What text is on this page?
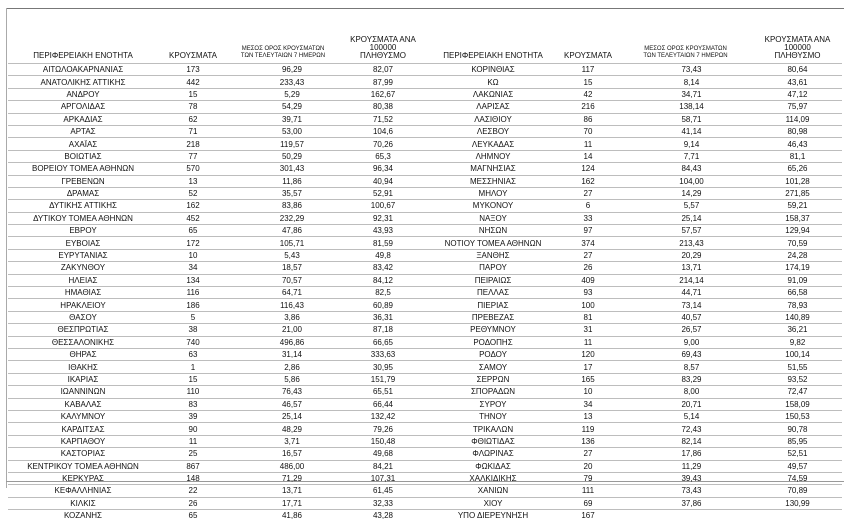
ΠΕΡΙΦΕΡΕΙΑΚΗ ΕΝΟΤΗΤΑ	ΚΡΟΥΣΜΑΤΑ	ΜΕΣΟΣ ΟΡΟΣ ΚΡΟΥΣΜΑΤΩΝ
ΤΩΝ ΤΕΛΕΥΤΑΙΩΝ 7 ΗΜΕΡΩΝ	ΚΡΟΥΣΜΑΤΑ ΑΝΑ 100000
ΠΛΗΘΥΣΜΟ	ΠΕΡΙΦΕΡΕΙΑΚΗ ΕΝΟΤΗΤΑ	ΚΡΟΥΣΜΑΤΑ	ΜΕΣΟΣ ΟΡΟΣ ΚΡΟΥΣΜΑΤΩΝ
ΤΩΝ ΤΕΛΕΥΤΑΙΩΝ 7 ΗΜΕΡΩΝ	ΚΡΟΥΣΜΑΤΑ ΑΝΑ 100000
ΠΛΗΘΥΣΜΟ
ΑΙΤΩΛΟΑΚΑΡΝΑΝΙΑΣ	173	96,29	82,07	ΚΟΡΙΝΘΙΑΣ	117	73,43	80,64
ΑΝΑΤΟΛΙΚΗΣ ΑΤΤΙΚΗΣ	442	233,43	87,99	ΚΩ	15	8,14	43,61
ΑΝΔΡΟΥ	15	5,29	162,67	ΛΑΚΩΝΙΑΣ	42	34,71	47,12
ΑΡΓΟΛΙΔΑΣ	78	54,29	80,38	ΛΑΡΙΣΑΣ	216	138,14	75,97
ΑΡΚΑΔΙΑΣ	62	39,71	71,52	ΛΑΣΙΘΙΟΥ	86	58,71	114,09
ΑΡΤΑΣ	71	53,00	104,6	ΛΕΣΒΟΥ	70	41,14	80,98
ΑΧΑΪΑΣ	218	119,57	70,26	ΛΕΥΚΑΔΑΣ	11	9,14	46,43
ΒΟΙΩΤΙΑΣ	77	50,29	65,3	ΛΗΜΝΟΥ	14	7,71	81,1
ΒΟΡΕΙΟΥ ΤΟΜΕΑ ΑΘΗΝΩΝ	570	301,43	96,34	ΜΑΓΝΗΣΙΑΣ	124	84,43	65,26
ΓΡΕΒΕΝΩΝ	13	11,86	40,94	ΜΕΣΣΗΝΙΑΣ	162	104,00	101,28
ΔΡΑΜΑΣ	52	35,57	52,91	ΜΗΛΟΥ	27	14,29	271,85
ΔΥΤΙΚΗΣ ΑΤΤΙΚΗΣ	162	83,86	100,67	ΜΥΚΟΝΟΥ	6	5,57	59,21
ΔΥΤΙΚΟΥ ΤΟΜΕΑ ΑΘΗΝΩΝ	452	232,29	92,31	ΝΑΞΟΥ	33	25,14	158,37
ΕΒΡΟΥ	65	47,86	43,93	ΝΗΣΩΝ	97	57,57	129,94
ΕΥΒΟΙΑΣ	172	105,71	81,59	ΝΟΤΙΟΥ ΤΟΜΕΑ ΑΘΗΝΩΝ	374	213,43	70,59
ΕΥΡΥΤΑΝΙΑΣ	10	5,43	49,8	ΞΑΝΘΗΣ	27	20,29	24,28
ΖΑΚΥΝΘΟΥ	34	18,57	83,42	ΠΑΡΟΥ	26	13,71	174,19
ΗΛΕΙΑΣ	134	70,57	84,12	ΠΕΙΡΑΙΩΣ	409	214,14	91,09
ΗΜΑΘΙΑΣ	116	64,71	82,5	ΠΕΛΛΑΣ	93	44,71	66,58
ΗΡΑΚΛΕΙΟΥ	186	116,43	60,89	ΠΙΕΡΙΑΣ	100	73,14	78,93
ΘΑΣΟΥ	5	3,86	36,31	ΠΡΕΒΕΖΑΣ	81	40,57	140,89
ΘΕΣΠΡΩΤΙΑΣ	38	21,00	87,18	ΡΕΘΥΜΝΟΥ	31	26,57	36,21
ΘΕΣΣΑΛΟΝΙΚΗΣ	740	496,86	66,65	ΡΟΔΟΠΗΣ	11	9,00	9,82
ΘΗΡΑΣ	63	31,14	333,63	ΡΟΔΟΥ	120	69,43	100,14
ΙΘΑΚΗΣ	1	2,86	30,95	ΣΑΜΟΥ	17	8,57	51,55
ΙΚΑΡΙΑΣ	15	5,86	151,79	ΣΕΡΡΩΝ	165	83,29	93,52
ΙΩΑΝΝΙΝΩΝ	110	76,43	65,51	ΣΠΟΡΑΔΩΝ	10	8,00	72,47
ΚΑΒΑΛΑΣ	83	46,57	66,44	ΣΥΡΟΥ	34	20,71	158,09
ΚΑΛΥΜΝΟΥ	39	25,14	132,42	ΤΗΝΟΥ	13	5,14	150,53
ΚΑΡΔΙΤΣΑΣ	90	48,29	79,26	ΤΡΙΚΑΛΩΝ	119	72,43	90,78
ΚΑΡΠΑΘΟΥ	11	3,71	150,48	ΦΘΙΩΤΙΔΑΣ	136	82,14	85,95
ΚΑΣΤΟΡΙΑΣ	25	16,57	49,68	ΦΛΩΡΙΝΑΣ	27	17,86	52,51
ΚΕΝΤΡΙΚΟΥ ΤΟΜΕΑ ΑΘΗΝΩΝ	867	486,00	84,21	ΦΩΚΙΔΑΣ	20	11,29	49,57
ΚΕΡΚΥΡΑΣ	148	71,29	107,31	ΧΑΛΚΙΔΙΚΗΣ	79	39,43	74,59
ΚΕΦΑΛΛΗΝΙΑΣ	22	13,71	61,45	ΧΑΝΙΩΝ	111	73,43	70,89
ΚΙΛΚΙΣ	26	17,71	32,33	ΧΙΟΥ	69	37,86	130,99
ΚΟΖΑΝΗΣ	65	41,86	43,28	ΥΠΟ ΔΙΕΡΕΥΝΗΣΗ	167		
